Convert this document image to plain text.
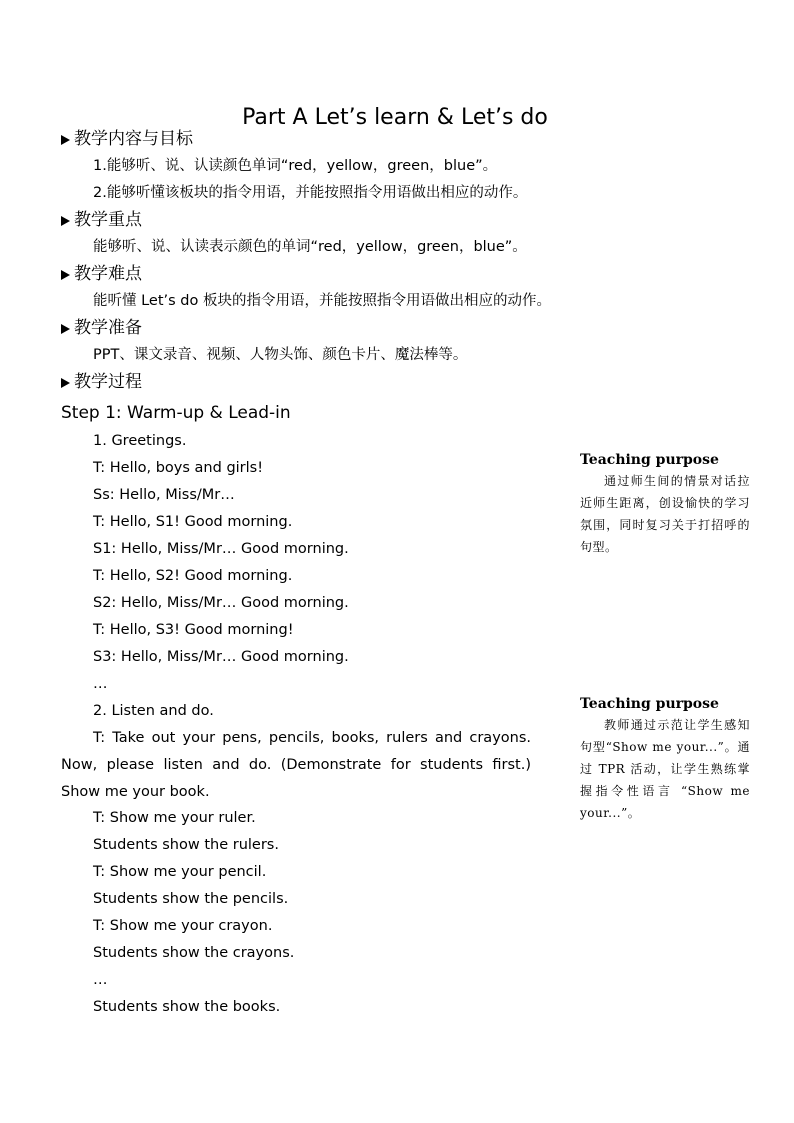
Part A Let’s learn & Let’s do
教学内容与目标
1.能够听、说、认读颜色单词“red，yellow，green，blue”。
2.能够听懂该板块的指令用语，并能按照指令用语做出相应的动作。
教学重点
能够听、说、认读表示颜色的单词“red，yellow，green，blue”。
教学难点
能听懂 Let’s do 板块的指令用语，并能按照指令用语做出相应的动作。
教学准备
PPT、课文录音、视频、人物头饰、颜色卡片、魔法棒等。
教学过程
Step 1: Warm-up & Lead-in
1. Greetings.
T: Hello, boys and girls!
Ss: Hello, Miss/Mr…
T: Hello, S1! Good morning.
S1: Hello, Miss/Mr… Good morning.
T: Hello, S2! Good morning.
S2: Hello, Miss/Mr… Good morning.
T: Hello, S3! Good morning!
S3: Hello, Miss/Mr… Good morning.
…
2. Listen and do.

T: Take out your pens, pencils, books, rulers and crayons. Now, please listen and do. (Demonstrate for students first.) Show me your book.

T: Show me your ruler.
Students show the rulers.
T: Show me your pencil.
Students show the pencils.
T: Show me your crayon.
Students show the crayons.
…
Students show the books.
Teaching purpose

通过师生间的情景对话拉近师生距离，创设愉快的学习氛围，同时复习关于打招呼的句型。

Teaching purpose

教师通过示范让学生感知句型“Show me your...”。通过 TPR 活动，让学生熟练掌握指令性语言 “Show me your...”。
